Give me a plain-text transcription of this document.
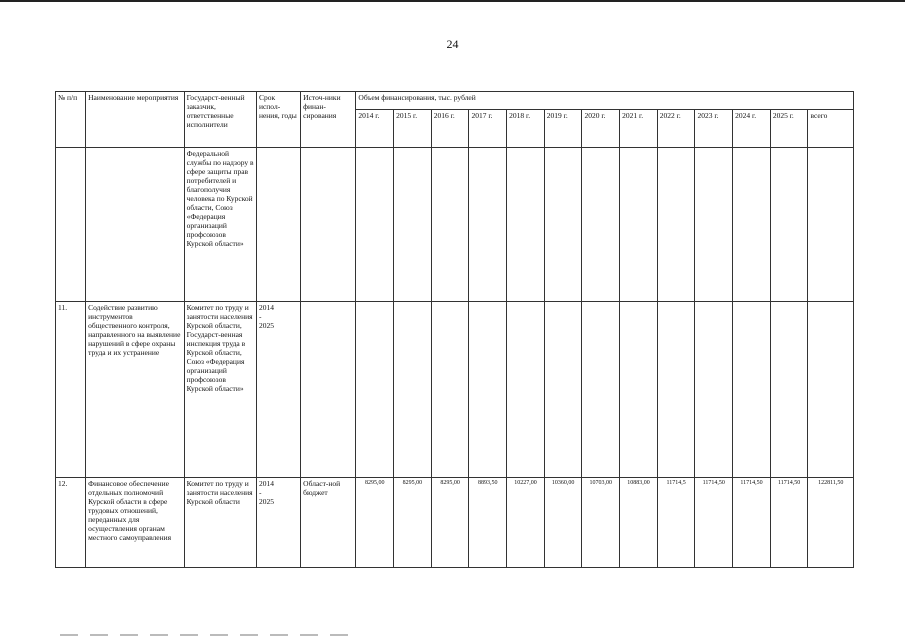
24
№ п/п	Наименование мероприятия	Государст-венный заказчик, ответственные исполнители	Срок испол-нения, годы	Источ-ники финан-сирования	Объем финансирования, тыс. рублей												
					2014 г.	2015 г.	2016 г.	2017 г.	2018 г.	2019 г.	2020 г.	2021 г.	2022 г.	2023 г.	2024 г.	2025 г.	всего
		Федеральной службы по надзору в сфере защиты прав потребителей и благополучия человека по Курской области, Союз «Федерация организаций профсоюзов Курской области»	

11.	Содействие развитию инструментов общественного контроля, направленного на выявление нарушений в сфере охраны труда и их устранение	Комитет по труду и занятости населения Курской области, Государст-венная инспекция труда в Курской области, Союз «Федерация организаций профсоюзов Курской области»	2014
-
2025														

12.	Финансовое обеспечение отдельных полномочий Курской области в сфере трудовых отношений, переданных для осуществления органам местного самоуправления	Комитет по труду и занятости населения Курской области	2014
-
2025	Област-ной бюджет	8295,00	8295,00	8295,00	8893,50	10227,00	10360,00	10703,00	10883,00	11714,5	11714,50	11714,50	11714,50	122811,50
